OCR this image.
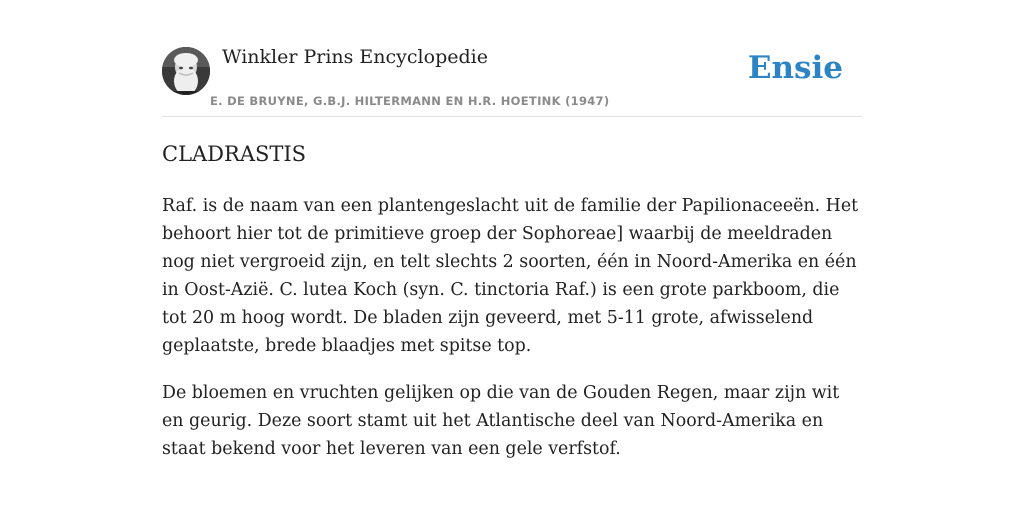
Winkler Prins Encyclopedie
E. DE BRUYNE, G.B.J. HILTERMANN EN H.R. HOETINK (1947)
Ensie
CLADRASTIS

Raf. is de naam van een plantengeslacht uit de familie der Papilionaceeën. Het behoort hier tot de primitieve groep der Sophoreae] waarbij de meeldraden nog niet vergroeid zijn, en telt slechts 2 soorten, één in Noord-Amerika en één in Oost-Azië. C. lutea Koch (syn. C. tinctoria Raf.) is een grote parkboom, die tot 20 m hoog wordt. De bladen zijn geveerd, met 5-11 grote, afwisselend geplaatste, brede blaadjes met spitse top.

De bloemen en vruchten gelijken op die van de Gouden Regen, maar zijn wit en geurig. Deze soort stamt uit het Atlantische deel van Noord-Amerika en staat bekend voor het leveren van een gele verfstof.
